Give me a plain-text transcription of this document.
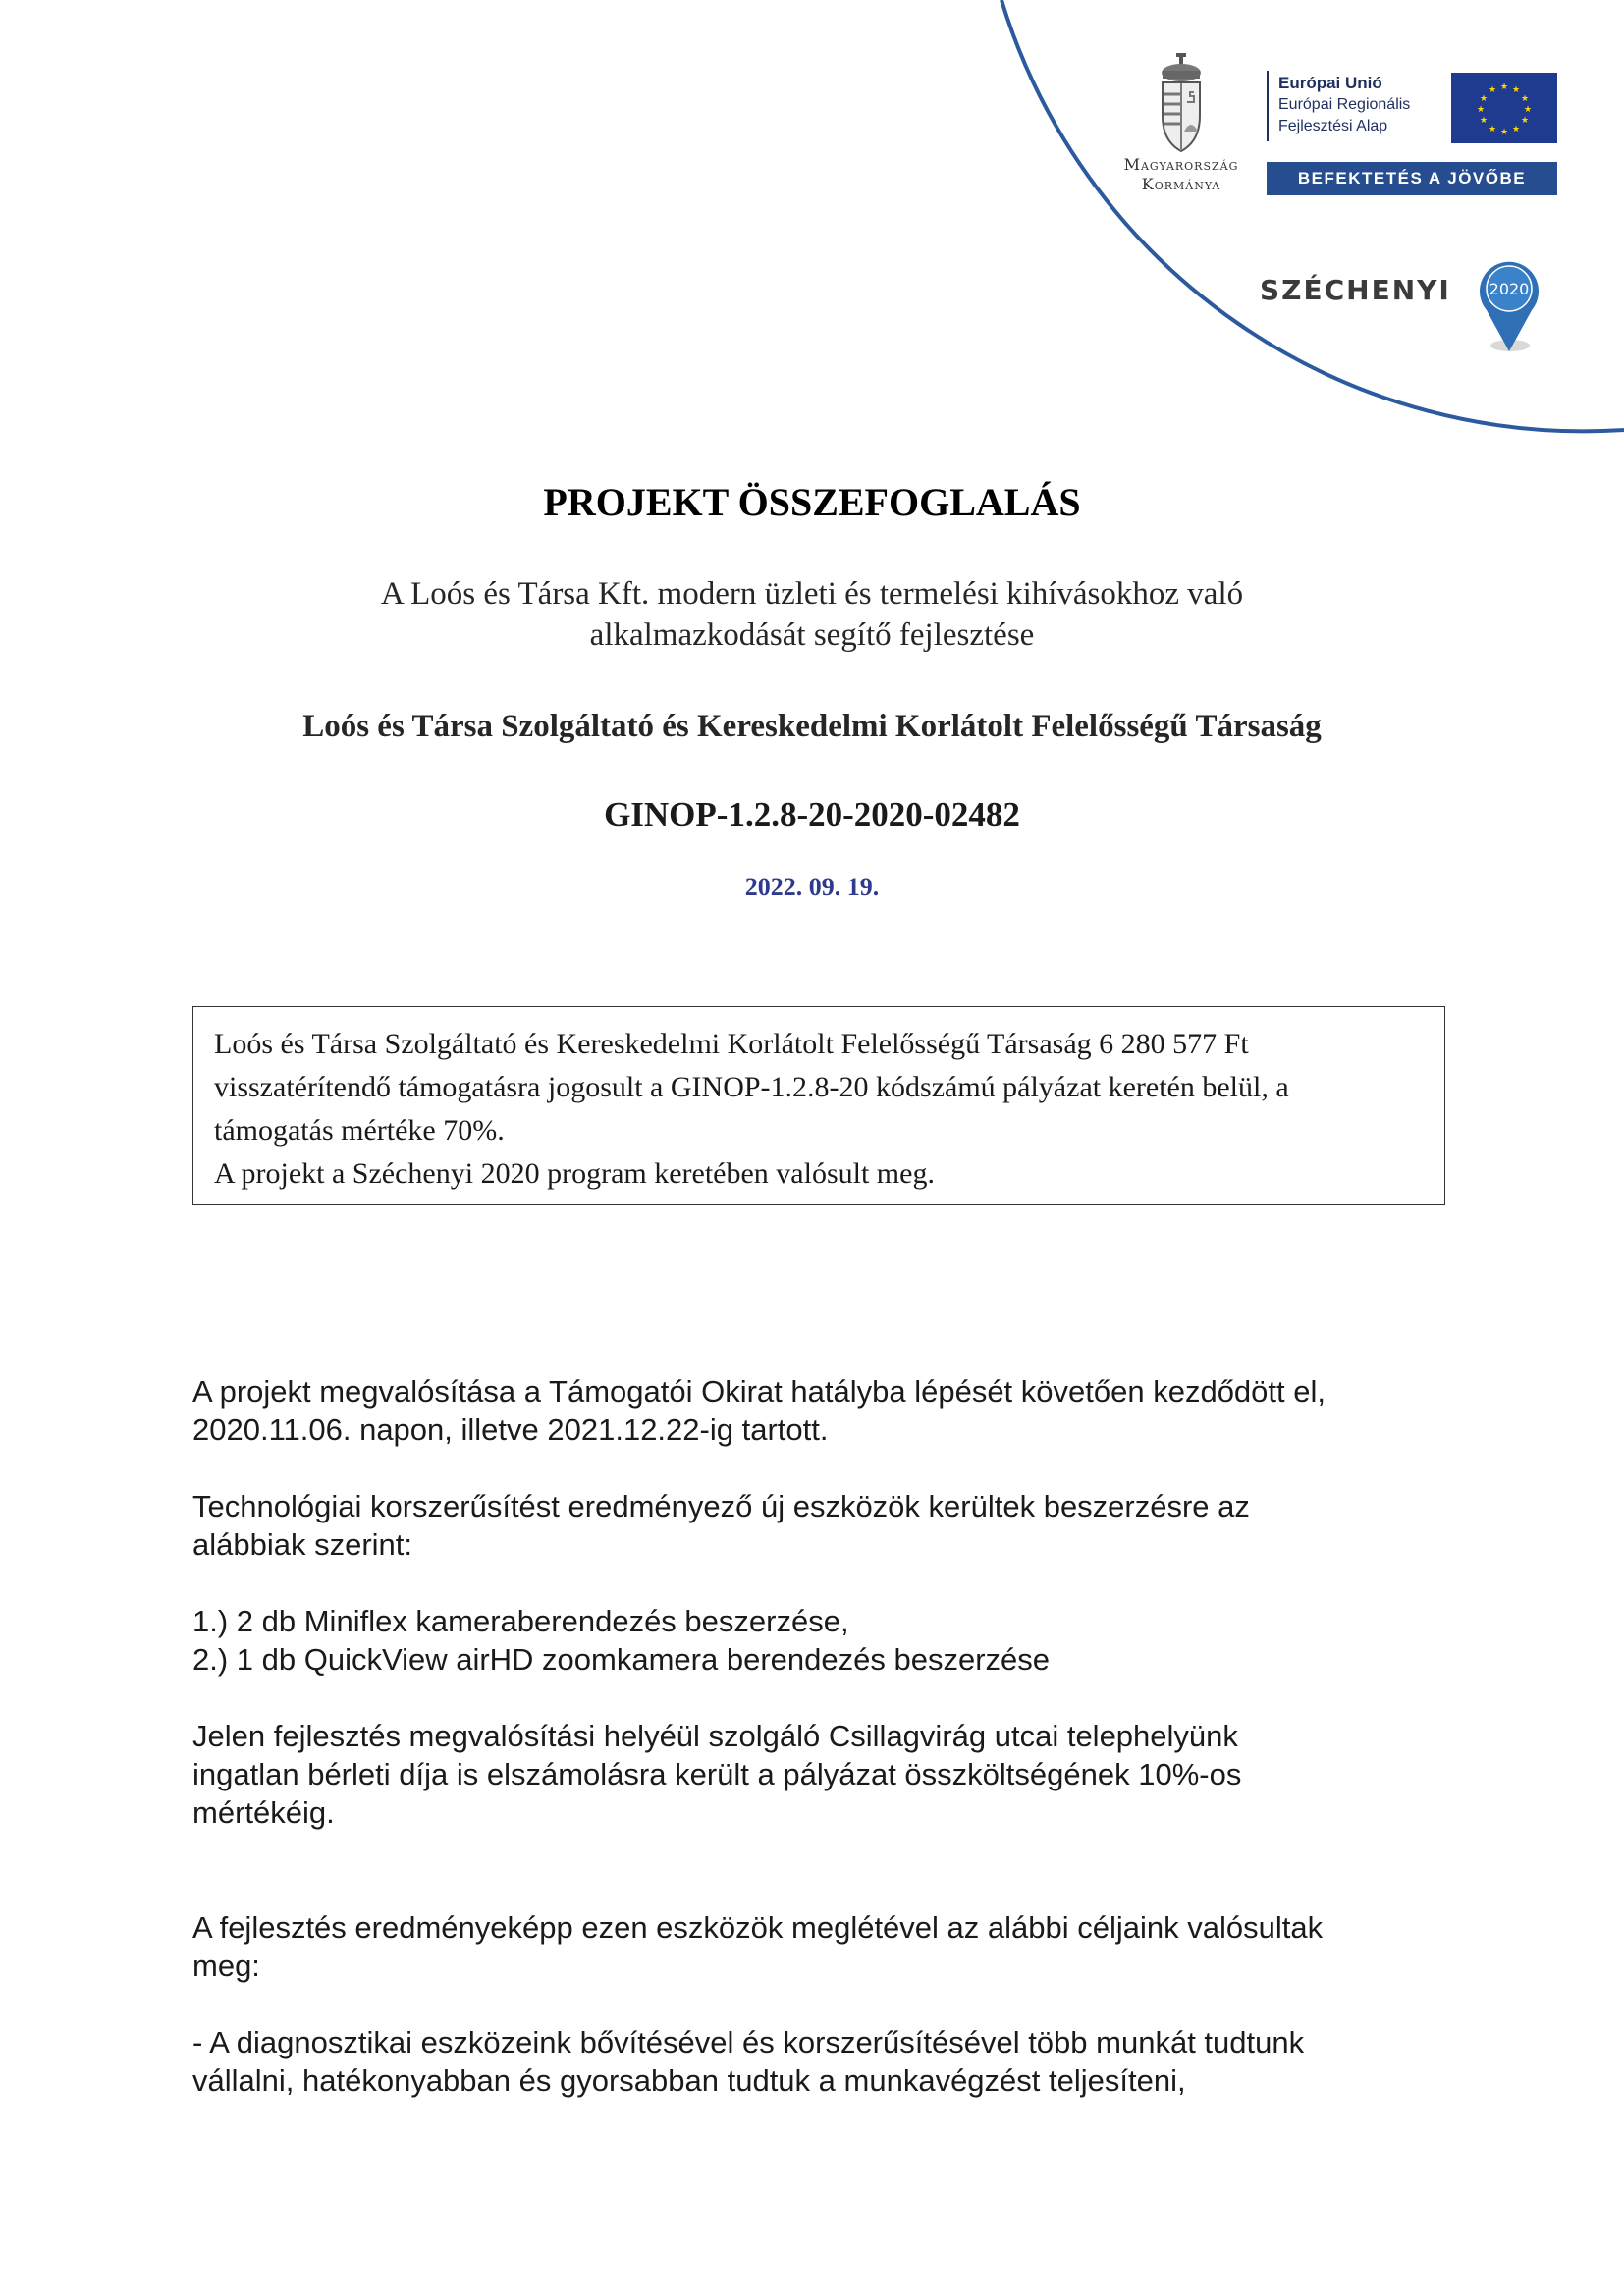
Magyarország
Kormánya
Európai Unió
Európai Regionális
Fejlesztési Alap
★ ★
★
★
★
★
★
★
★
★
★
★
BEFEKTETÉS A JÖVŐBE
SZÉCHENYI 2020
PROJEKT ÖSSZEFOGLALÁS
A Loós és Társa Kft. modern üzleti és termelési kihívásokhoz való
alkalmazkodását segítő fejlesztése
Loós és Társa Szolgáltató és Kereskedelmi Korlátolt Felelősségű Társaság
GINOP-1.2.8-20-2020-02482
2022. 09. 19.

Loós és Társa Szolgáltató és Kereskedelmi Korlátolt Felelősségű Társaság 6 280 577 Ft

visszatérítendő támogatásra jogosult a GINOP-1.2.8-20 kódszámú pályázat keretén belül, a

támogatás mértéke 70%.

A projekt a Széchenyi 2020 program keretében valósult meg.

A projekt megvalósítása a Támogatói Okirat hatályba lépését követően kezdődött el,

2020.11.06. napon, illetve 2021.12.22-ig tartott.

Technológiai korszerűsítést eredményező új eszközök kerültek beszerzésre az

alábbiak szerint:

1.) 2 db Miniflex kameraberendezés beszerzése,

2.) 1 db QuickView airHD zoomkamera berendezés beszerzése

Jelen fejlesztés megvalósítási helyéül szolgáló Csillagvirág utcai telephelyünk

ingatlan bérleti díja is elszámolásra került a pályázat összköltségének 10%-os

mértékéig.

A fejlesztés eredményeképp ezen eszközök meglétével az alábbi céljaink valósultak

meg:

- A diagnosztikai eszközeink bővítésével és korszerűsítésével több munkát tudtunk

vállalni, hatékonyabban és gyorsabban tudtuk a munkavégzést teljesíteni,
